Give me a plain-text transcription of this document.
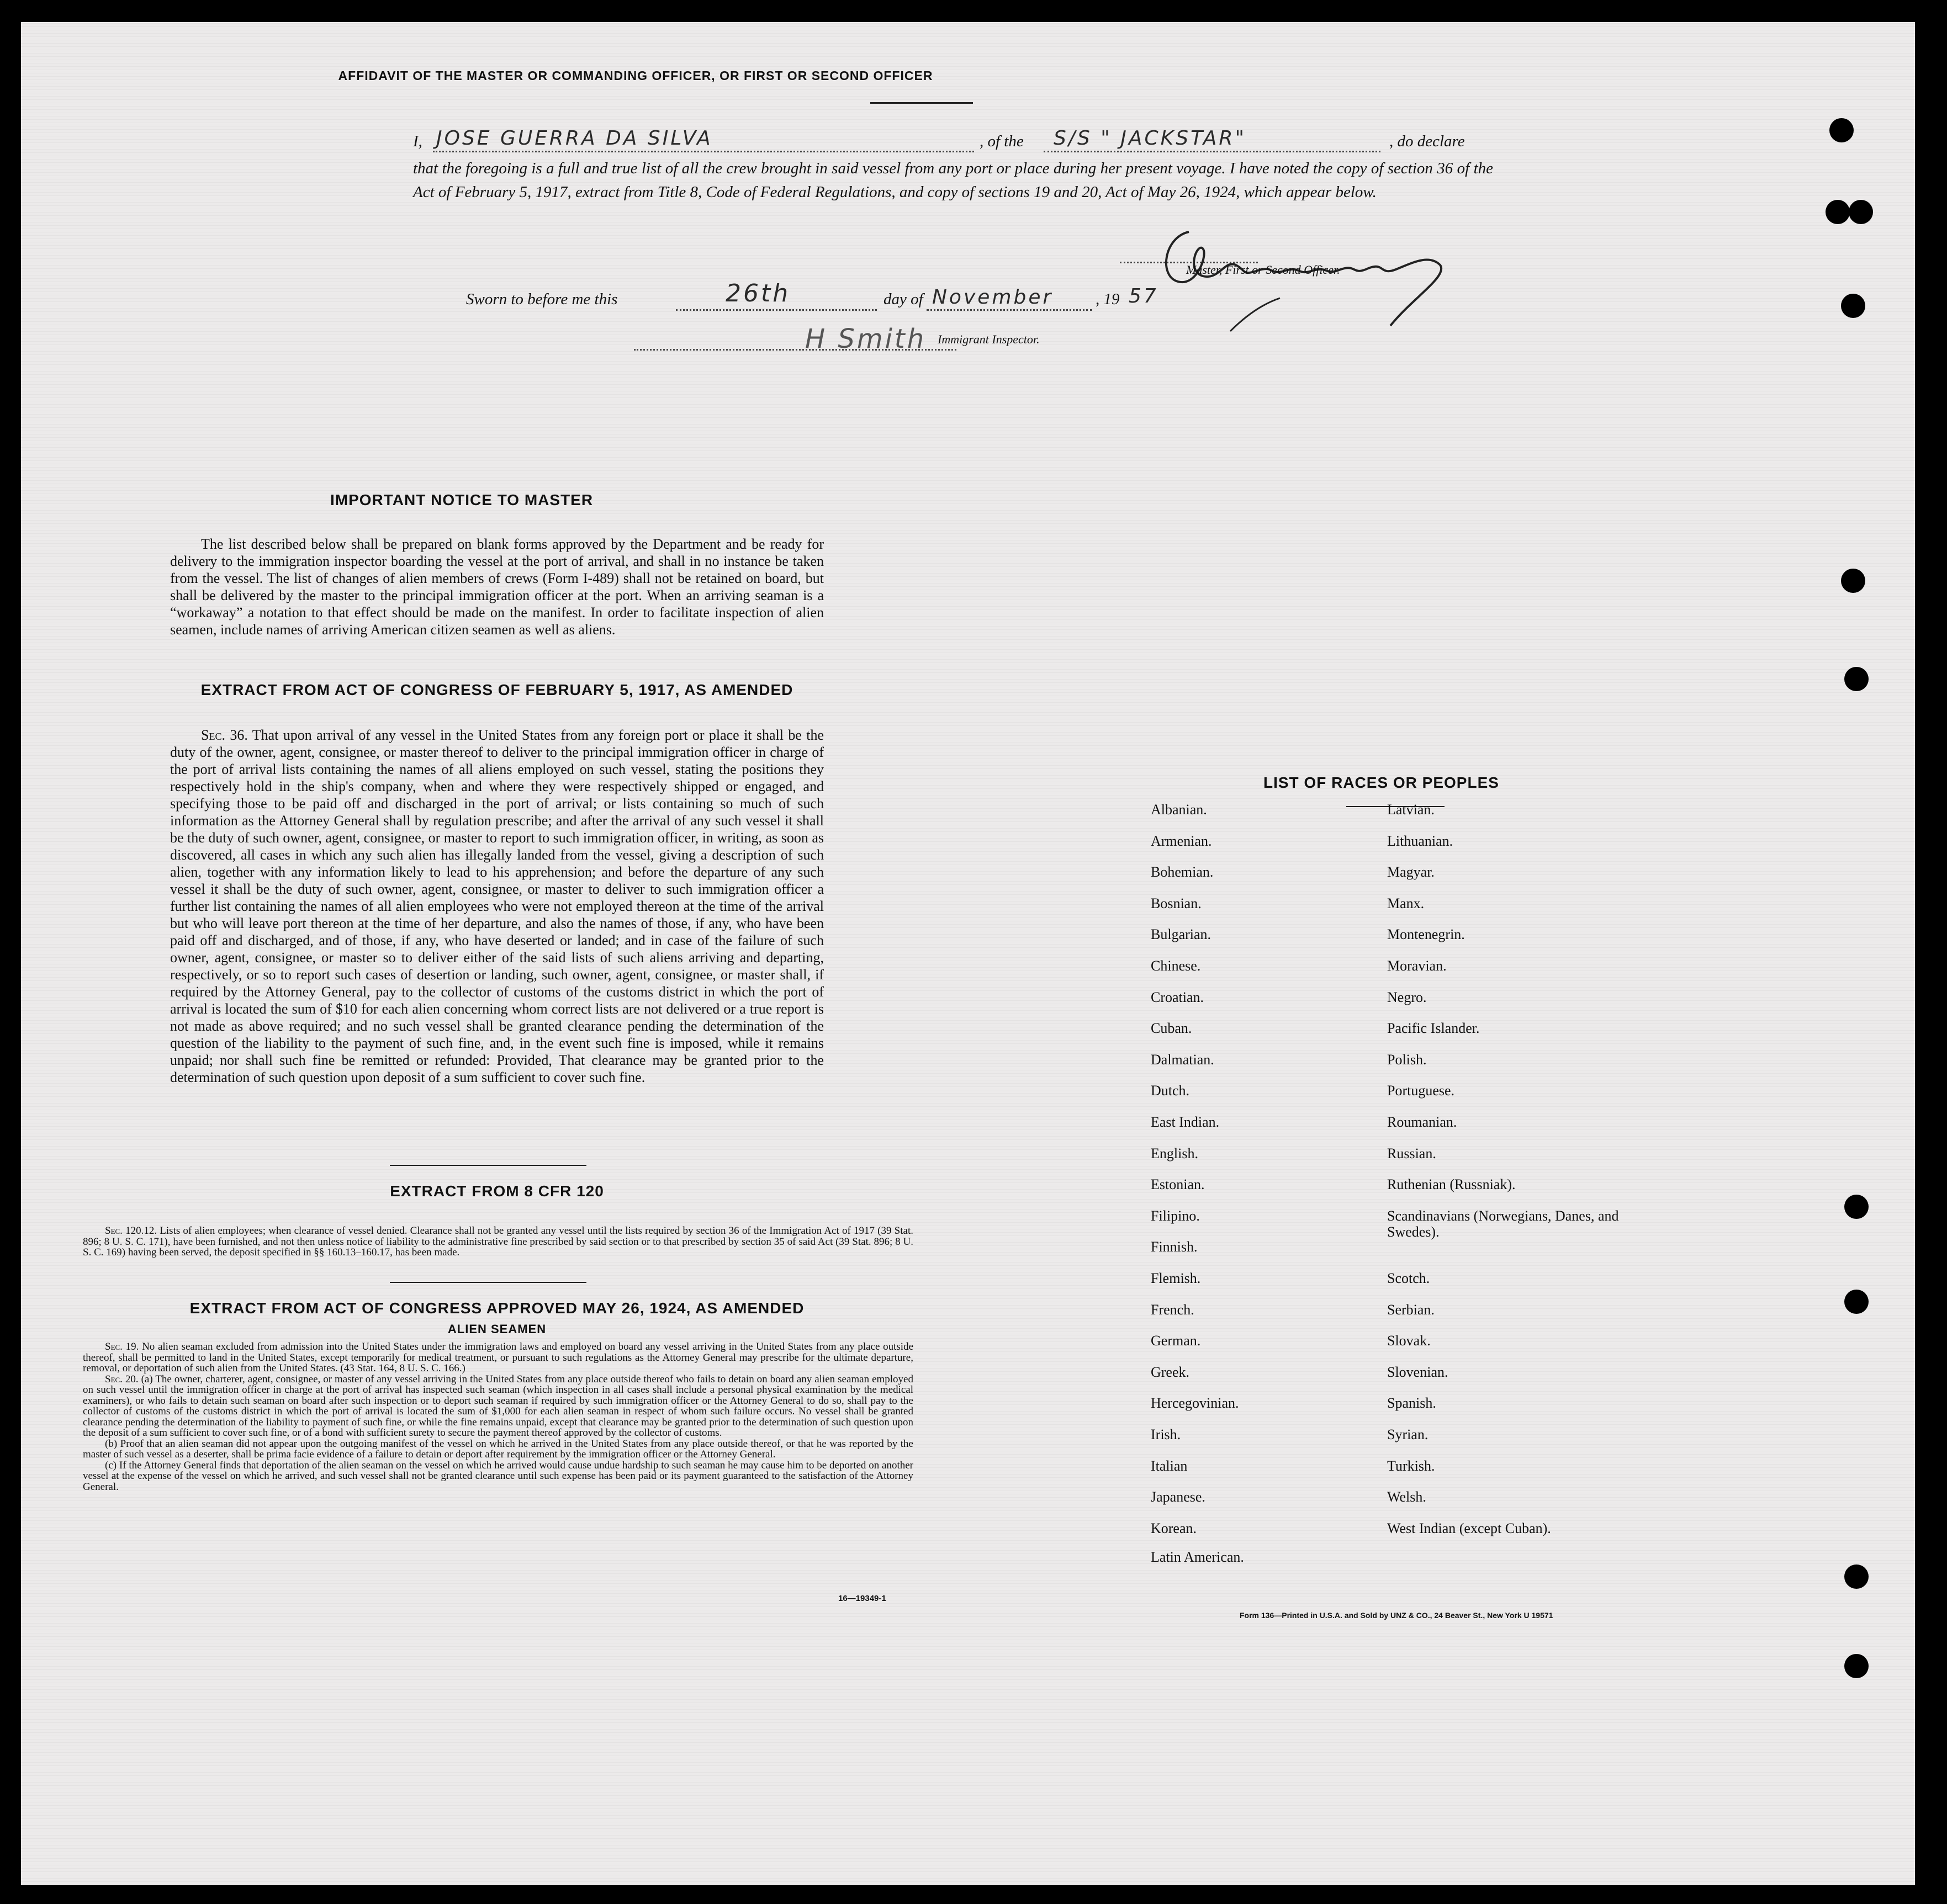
AFFIDAVIT OF THE MASTER OR COMMANDING OFFICER, OR FIRST OR SECOND OFFICER
I, JOSE GUERRA DA SILVA	, of the S/S " JACKSTAR"	, do declare
that the foregoing is a full and true list of all the crew brought in said vessel from any port or place during her present voyage. I have noted the copy of section 36 of the Act of February 5, 1917, extract from Title 8, Code of Federal Regulations, and copy of sections 19 and 20, Act of May 26, 1924, which appear below.
Master, First or Second Officer.
Sworn to before me this	26th	day of November	, 19 57
H Smith Immigrant Inspector.
IMPORTANT NOTICE TO MASTER
The list described below shall be prepared on blank forms approved by the Department and be ready for delivery to the immigration inspector boarding the vessel at the port of arrival, and shall in no instance be taken from the vessel. The list of changes of alien members of crews (Form I-489) shall not be retained on board, but shall be delivered by the master to the principal immigration officer at the port. When an arriving seaman is a “workaway” a notation to that effect should be made on the manifest. In order to facilitate inspection of alien seamen, include names of arriving American citizen seamen as well as aliens.
EXTRACT FROM ACT OF CONGRESS OF FEBRUARY 5, 1917, AS AMENDED
Sec. 36. That upon arrival of any vessel in the United States from any foreign port or place it shall be the duty of the owner, agent, consignee, or master thereof to deliver to the principal immigration officer in charge of the port of arrival lists containing the names of all aliens employed on such vessel, stating the positions they respectively hold in the ship's company, when and where they were respectively shipped or engaged, and specifying those to be paid off and discharged in the port of arrival; or lists containing so much of such information as the Attorney General shall by regulation prescribe; and after the arrival of any such vessel it shall be the duty of such owner, agent, consignee, or master to report to such immigration officer, in writing, as soon as discovered, all cases in which any such alien has illegally landed from the vessel, giving a description of such alien, together with any information likely to lead to his apprehension; and before the departure of any such vessel it shall be the duty of such owner, agent, consignee, or master to deliver to such immigration officer a further list containing the names of all alien employees who were not employed thereon at the time of the arrival but who will leave port thereon at the time of her departure, and also the names of those, if any, who have been paid off and discharged, and of those, if any, who have deserted or landed; and in case of the failure of such owner, agent, consignee, or master so to deliver either of the said lists of such aliens arriving and departing, respectively, or so to report such cases of desertion or landing, such owner, agent, consignee, or master shall, if required by the Attorney General, pay to the collector of customs of the customs district in which the port of arrival is located the sum of $10 for each alien concerning whom correct lists are not delivered or a true report is not made as above required; and no such vessel shall be granted clearance pending the determination of the question of the liability to the payment of such fine, and, in the event such fine is imposed, while it remains unpaid; nor shall such fine be remitted or refunded: Provided, That clearance may be granted prior to the determination of such question upon deposit of a sum sufficient to cover such fine.
EXTRACT FROM 8 CFR 120
Sec. 120.12. Lists of alien employees; when clearance of vessel denied. Clearance shall not be granted any vessel until the lists required by section 36 of the Immigration Act of 1917 (39 Stat. 896; 8 U. S. C. 171), have been furnished, and not then unless notice of liability to the administrative fine prescribed by said section or to that prescribed by section 35 of said Act (39 Stat. 896; 8 U. S. C. 169) having been served, the deposit specified in §§ 160.13–160.17, has been made.
EXTRACT FROM ACT OF CONGRESS APPROVED MAY 26, 1924, AS AMENDED
ALIEN SEAMEN
Sec. 19. No alien seaman excluded from admission into the United States under the immigration laws and employed on board any vessel arriving in the United States from any place outside thereof, shall be permitted to land in the United States, except temporarily for medical treatment, or pursuant to such regulations as the Attorney General may prescribe for the ultimate departure, removal, or deportation of such alien from the United States. (43 Stat. 164, 8 U. S. C. 166.)
Sec. 20. (a) The owner, charterer, agent, consignee, or master of any vessel arriving in the United States from any place outside thereof who fails to detain on board any alien seaman employed on such vessel until the immigration officer in charge at the port of arrival has inspected such seaman (which inspection in all cases shall include a personal physical examination by the medical examiners), or who fails to detain such seaman on board after such inspection or to deport such seaman if required by such immigration officer or the Attorney General to do so, shall pay to the collector of customs of the customs district in which the port of arrival is located the sum of $1,000 for each alien seaman in respect of whom such failure occurs. No vessel shall be granted clearance pending the determination of the liability to payment of such fine, or while the fine remains unpaid, except that clearance may be granted prior to the determination of such question upon the deposit of a sum sufficient to cover such fine, or of a bond with sufficient surety to secure the payment thereof approved by the collector of customs.
(b) Proof that an alien seaman did not appear upon the outgoing manifest of the vessel on which he arrived in the United States from any place outside thereof, or that he was reported by the master of such vessel as a deserter, shall be prima facie evidence of a failure to detain or deport after requirement by the immigration officer or the Attorney General.
(c) If the Attorney General finds that deportation of the alien seaman on the vessel on which he arrived would cause undue hardship to such seaman he may cause him to be deported on another vessel at the expense of the vessel on which he arrived, and such vessel shall not be granted clearance until such expense has been paid or its payment guaranteed to the satisfaction of the Attorney General.
16—19349-1
LIST OF RACES OR PEOPLES
Form 136—Printed in U.S.A. and Sold by UNZ & CO., 24 Beaver St., New York U 19571
Albanian.
Armenian.
Bohemian.
Bosnian.
Bulgarian.
Chinese.
Croatian.
Cuban.
Dalmatian.
Dutch.
East Indian.
English.
Estonian.
Filipino.
Finnish.
Flemish.
French.
German.
Greek.
Hercegovinian.
Irish.
Italian
Japanese.
Korean.
Latin American.
Latvian.
Lithuanian.
Magyar.
Manx.
Montenegrin.
Moravian.
Negro.
Pacific Islander.
Polish.
Portuguese.
Roumanian.
Russian.
Ruthenian (Russniak).
Scandinavians (Norwegians, Danes, and Swedes).
Scotch.
Serbian.
Slovak.
Slovenian.
Spanish.
Syrian.
Turkish.
Welsh.
West Indian (except Cuban).
